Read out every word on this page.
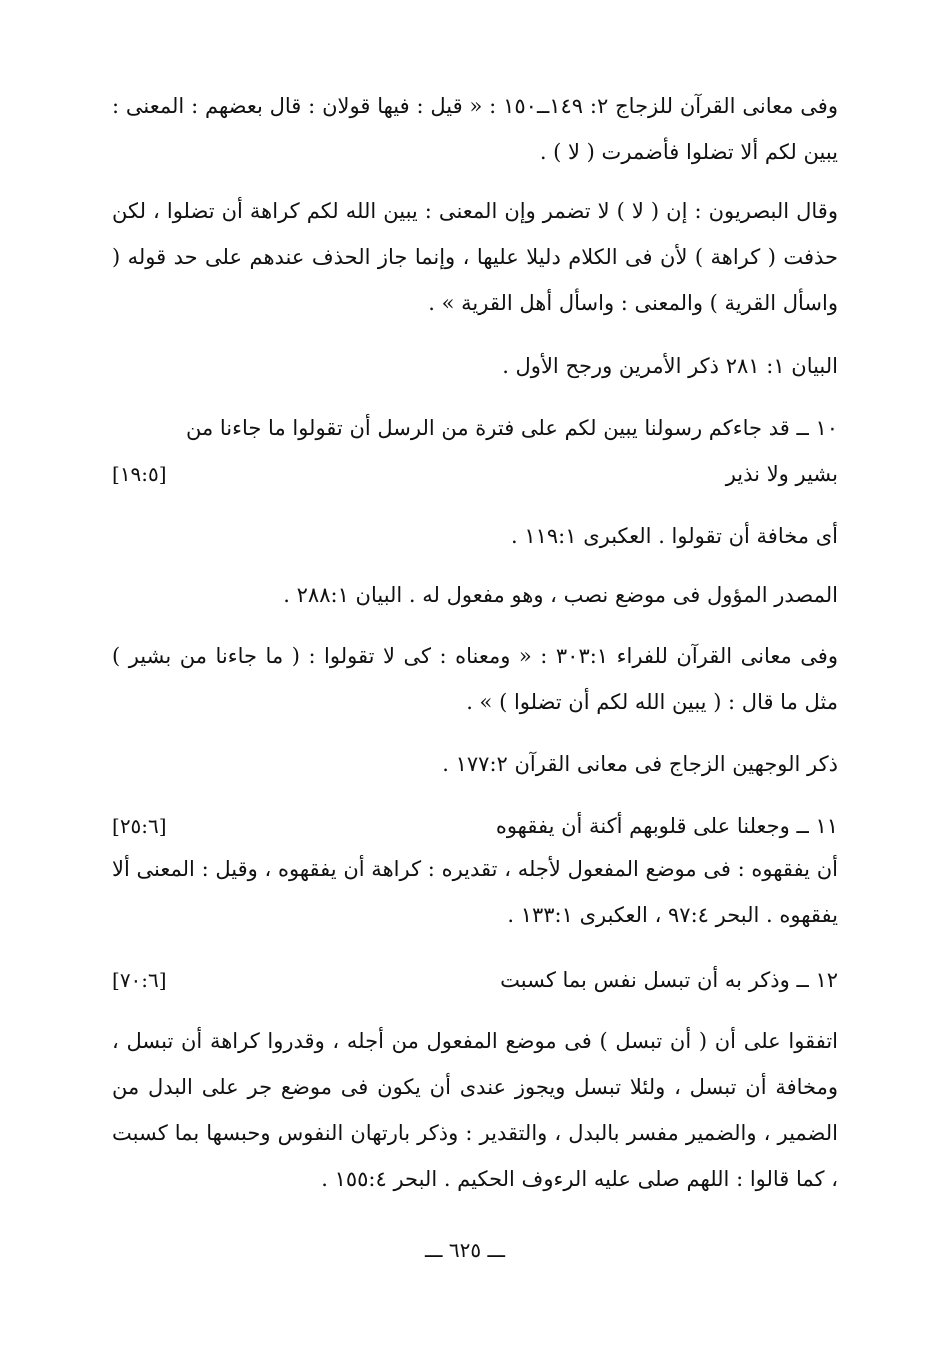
وفى معانى القرآن للزجاج ٢: ١٤٩ــ١٥٠ : « قيل : فيها قولان : قال بعضهم : المعنى : يبين لكم ألا تضلوا فأضمرت ( لا ) .
وقال البصريون : إن ( لا ) لا تضمر وإن المعنى : يبين الله لكم كراهة أن تضلوا ، لكن حذفت ( كراهة ) لأن فى الكلام دليلا عليها ، وإنما جاز الحذف عندهم على حد قوله ( واسأل القرية ) والمعنى : واسأل أهل القرية » .
البيان ١: ٢٨١ ذكر الأمرين ورجح الأول .
١٠ ــ قد جاءكم رسولنا يبين لكم على فترة من الرسل أن تقولوا ما جاءنا من
بشير ولا نذير
[١٩:٥]
أى مخافة أن تقولوا . العكبرى ١١٩:١ .
المصدر المؤول فى موضع نصب ، وهو مفعول له . البيان ٢٨٨:١ .
وفى معانى القرآن للفراء ٣٠٣:١ : « ومعناه : كى لا تقولوا : ( ما جاءنا من بشير ) مثل ما قال : ( يبين الله لكم أن تضلوا ) » .
ذكر الوجهين الزجاج فى معانى القرآن ١٧٧:٢ .
١١ ــ وجعلنا على قلوبهم أكنة أن يفقهوه
[٢٥:٦]
أن يفقهوه : فى موضع المفعول لأجله ، تقديره : كراهة أن يفقهوه ، وقيل : المعنى ألا يفقهوه . البحر ٩٧:٤ ، العكبرى ١٣٣:١ .
١٢ ــ وذكر به أن تبسل نفس بما كسبت
[٧٠:٦]
اتفقوا على أن ( أن تبسل ) فى موضع المفعول من أجله ، وقدروا كراهة أن تبسل ، ومخافة أن تبسل ، ولئلا تبسل ويجوز عندى أن يكون فى موضع جر على البدل من الضمير ، والضمير مفسر بالبدل ، والتقدير : وذكر بارتهان النفوس وحبسها بما كسبت ، كما قالوا : اللهم صلى عليه الرءوف الحكيم . البحر ١٥٥:٤ .
ـــ ٦٢٥ ـــ
